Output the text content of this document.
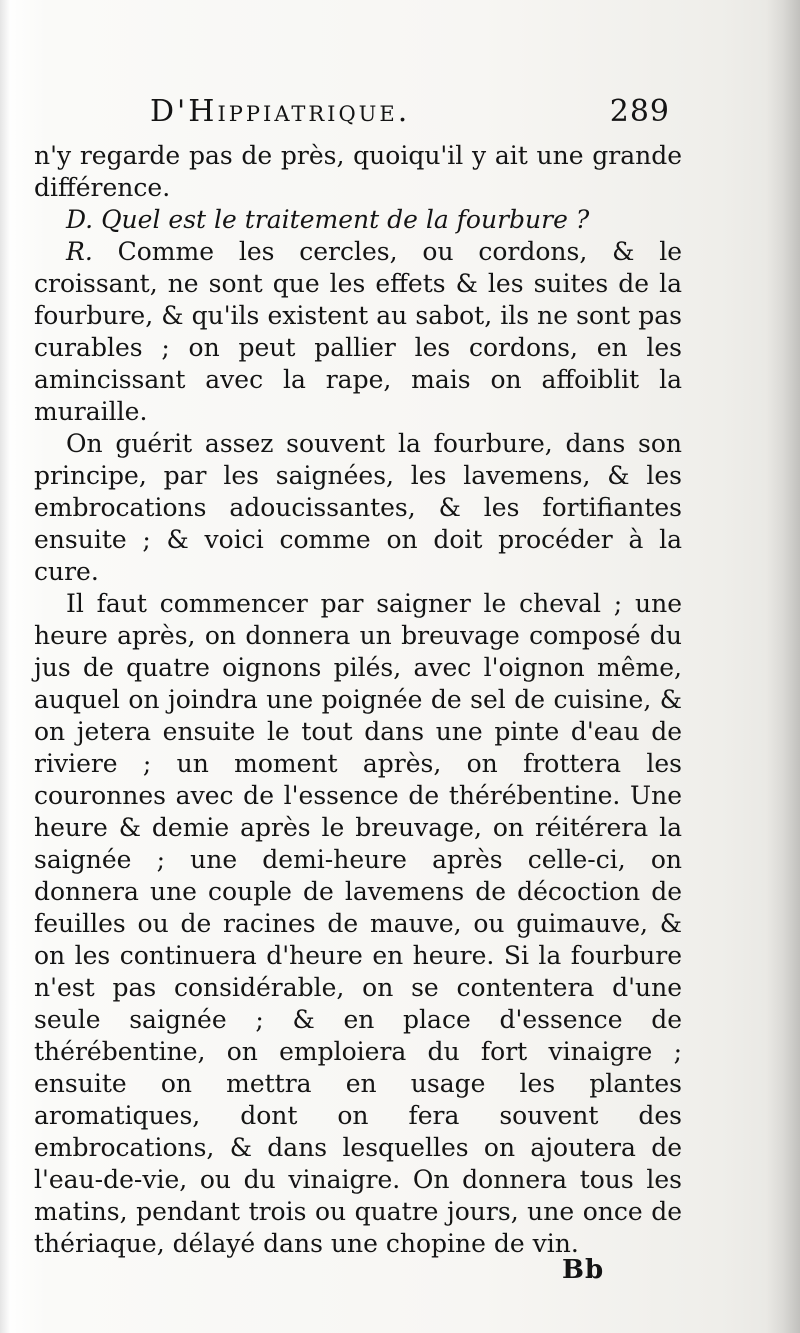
D'Hippiatrique.	289

n'y regarde pas de près, quoiqu'il y ait une grande différence.

D. Quel est le traitement de la fourbure ?

R. Comme les cercles, ou cordons, & le croissant, ne sont que les effets & les suites de la fourbure, & qu'ils existent au sabot, ils ne sont pas curables ; on peut pallier les cordons, en les amincissant avec la rape, mais on affoiblit la muraille.

On guérit assez souvent la fourbure, dans son principe, par les saignées, les lavemens, & les embrocations adoucissantes, & les fortifiantes ensuite ; & voici comme on doit procéder à la cure.

Il faut commencer par saigner le cheval ; une heure après, on donnera un breuvage composé du jus de quatre oignons pilés, avec l'oignon même, auquel on joindra une poignée de sel de cuisine, & on jetera ensuite le tout dans une pinte d'eau de riviere ; un moment après, on frottera les couronnes avec de l'essence de thérébentine. Une heure & demie après le breuvage, on réitérera la saignée ; une demi-heure après celle-ci, on donnera une couple de lavemens de décoction de feuilles ou de racines de mauve, ou guimauve, & on les continuera d'heure en heure. Si la fourbure n'est pas considérable, on se contentera d'une seule saignée ; & en place d'essence de thérébentine, on emploiera du fort vinaigre ; ensuite on mettra en usage les plantes aromatiques, dont on fera souvent des embrocations, & dans lesquelles on ajoutera de l'eau-de-vie, ou du vinaigre. On donnera tous les matins, pendant trois ou quatre jours, une once de thériaque, délayé dans une chopine de vin.

Bb
